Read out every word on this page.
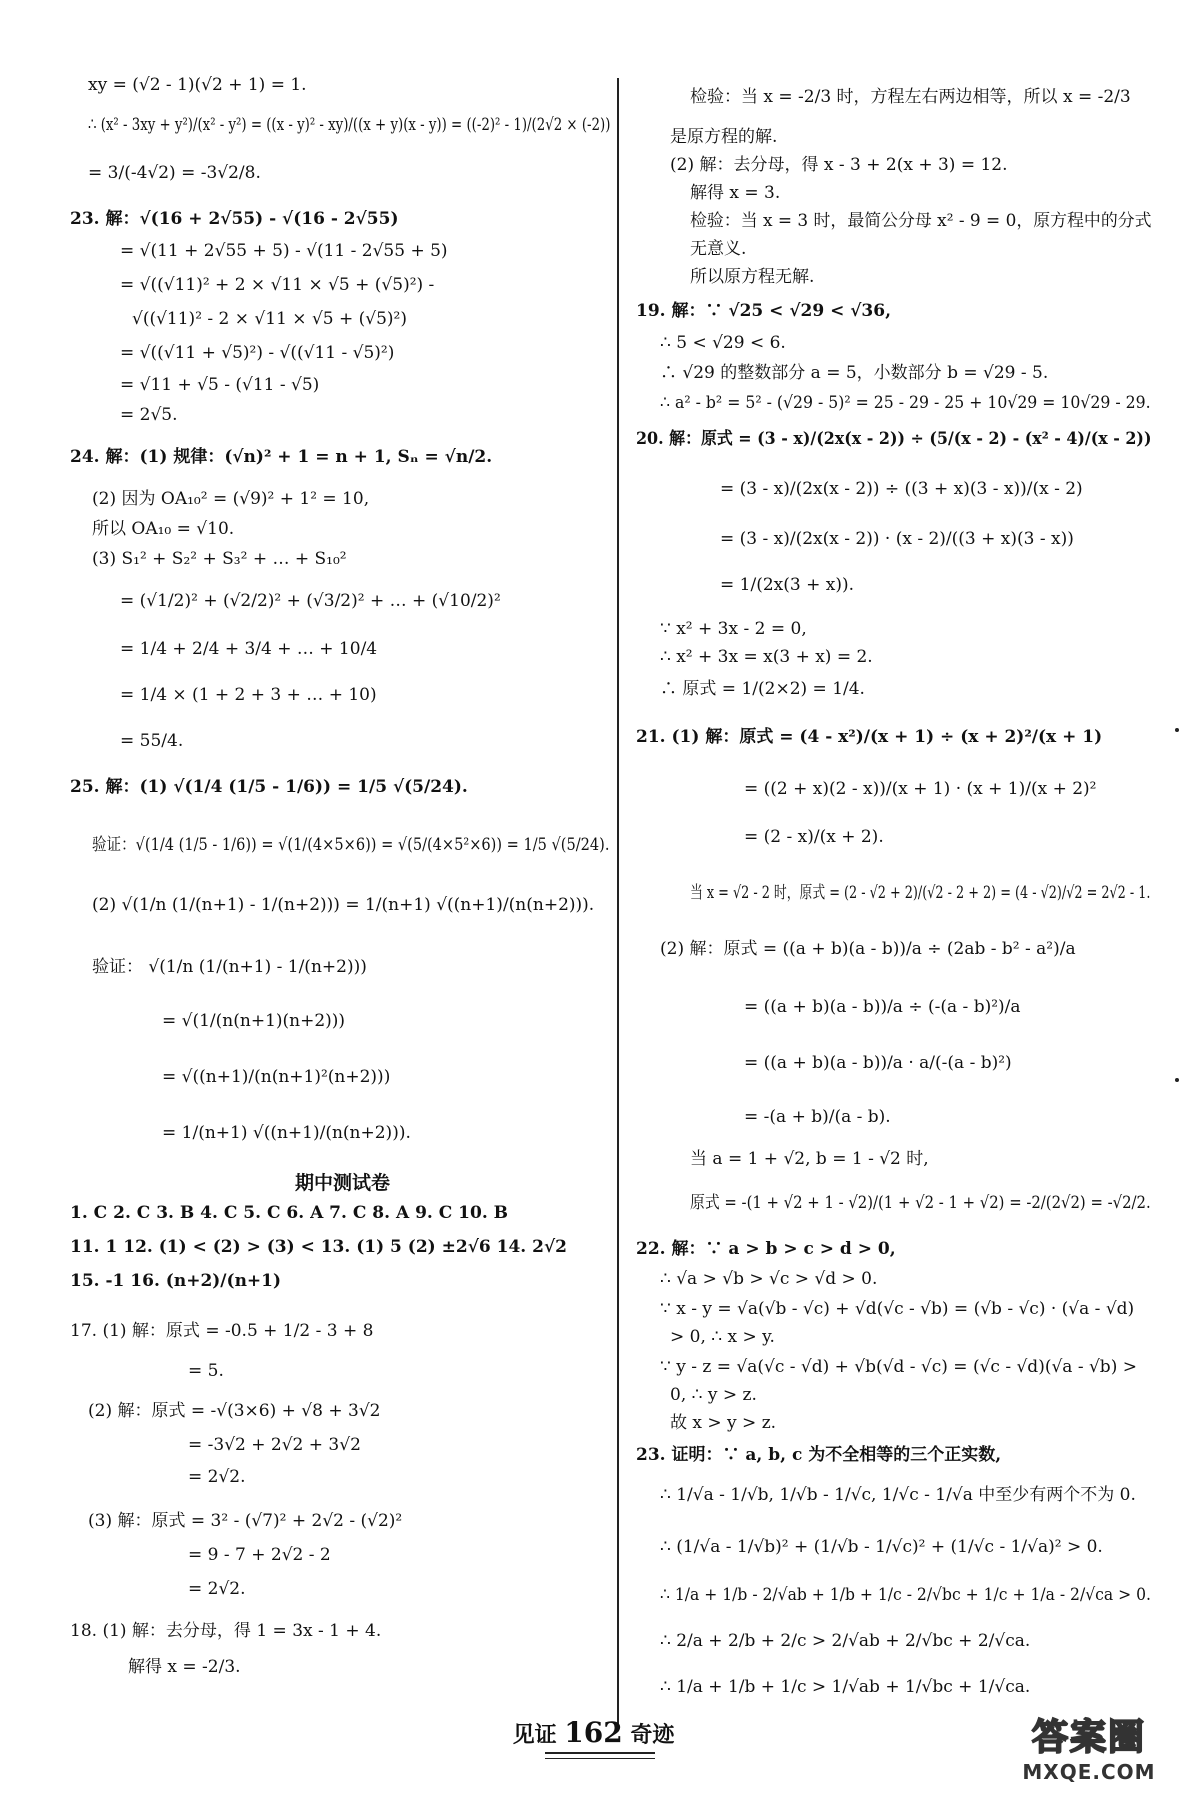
xy = (√2 - 1)(√2 + 1) = 1.
∴ (x² - 3xy + y²)/(x² - y²) = ((x - y)² - xy)/((x + y)(x - y)) = ((-2)² - 1)/(2√2 × (-2))
= 3/(-4√2) = -3√2/8.
23. 解：√(16 + 2√55) - √(16 - 2√55)
= √(11 + 2√55 + 5) - √(11 - 2√55 + 5)
= √((√11)² + 2 × √11 × √5 + (√5)²) -
√((√11)² - 2 × √11 × √5 + (√5)²)
= √((√11 + √5)²) - √((√11 - √5)²)
= √11 + √5 - (√11 - √5)
= 2√5.
24. 解：(1) 规律：(√n)² + 1 = n + 1, Sₙ = √n/2.
(2) 因为 OA₁₀² = (√9)² + 1² = 10,
所以 OA₁₀ = √10.
(3) S₁² + S₂² + S₃² + … + S₁₀²
= (√1/2)² + (√2/2)² + (√3/2)² + … + (√10/2)²
= 1/4 + 2/4 + 3/4 + … + 10/4
= 1/4 × (1 + 2 + 3 + … + 10)
= 55/4.
25. 解：(1) √(1/4 (1/5 - 1/6)) = 1/5 √(5/24).
验证：√(1/4 (1/5 - 1/6)) = √(1/(4×5×6)) = √(5/(4×5²×6)) = 1/5 √(5/24).
(2) √(1/n (1/(n+1) - 1/(n+2))) = 1/(n+1) √((n+1)/(n(n+2))).
验证： √(1/n (1/(n+1) - 1/(n+2)))
= √(1/(n(n+1)(n+2)))
= √((n+1)/(n(n+1)²(n+2)))
= 1/(n+1) √((n+1)/(n(n+2))).
期中测试卷
1. C 2. C 3. B 4. C 5. C 6. A 7. C 8. A 9. C 10. B
11. 1 12. (1) < (2) > (3) < 13. (1) 5 (2) ±2√6 14. 2√2
15. -1 16. (n+2)/(n+1)
17. (1) 解：原式 = -0.5 + 1/2 - 3 + 8
= 5.
(2) 解：原式 = -√(3×6) + √8 + 3√2
= -3√2 + 2√2 + 3√2
= 2√2.
(3) 解：原式 = 3² - (√7)² + 2√2 - (√2)²
= 9 - 7 + 2√2 - 2
= 2√2.
18. (1) 解：去分母，得 1 = 3x - 1 + 4.
解得 x = -2/3.
检验：当 x = -2/3 时，方程左右两边相等，所以 x = -2/3
是原方程的解.
(2) 解：去分母，得 x - 3 + 2(x + 3) = 12.
解得 x = 3.
检验：当 x = 3 时，最简公分母 x² - 9 = 0，原方程中的分式
无意义.
所以原方程无解.
19. 解：∵ √25 < √29 < √36,
∴ 5 < √29 < 6.
∴ √29 的整数部分 a = 5，小数部分 b = √29 - 5.
∴ a² - b² = 5² - (√29 - 5)² = 25 - 29 - 25 + 10√29 = 10√29 - 29.
20. 解：原式 = (3 - x)/(2x(x - 2)) ÷ (5/(x - 2) - (x² - 4)/(x - 2))
= (3 - x)/(2x(x - 2)) ÷ ((3 + x)(3 - x))/(x - 2)
= (3 - x)/(2x(x - 2)) · (x - 2)/((3 + x)(3 - x))
= 1/(2x(3 + x)).
∵ x² + 3x - 2 = 0,
∴ x² + 3x = x(3 + x) = 2.
∴ 原式 = 1/(2×2) = 1/4.
21. (1) 解：原式 = (4 - x²)/(x + 1) ÷ (x + 2)²/(x + 1)
= ((2 + x)(2 - x))/(x + 1) · (x + 1)/(x + 2)²
= (2 - x)/(x + 2).
当 x = √2 - 2 时，原式 = (2 - √2 + 2)/(√2 - 2 + 2) = (4 - √2)/√2 = 2√2 - 1.
(2) 解：原式 = ((a + b)(a - b))/a ÷ (2ab - b² - a²)/a
= ((a + b)(a - b))/a ÷ (-(a - b)²)/a
= ((a + b)(a - b))/a · a/(-(a - b)²)
= -(a + b)/(a - b).
当 a = 1 + √2, b = 1 - √2 时,
原式 = -(1 + √2 + 1 - √2)/(1 + √2 - 1 + √2) = -2/(2√2) = -√2/2.
22. 解：∵ a > b > c > d > 0,
∴ √a > √b > √c > √d > 0.
∵ x - y = √a(√b - √c) + √d(√c - √b) = (√b - √c) · (√a - √d)
> 0, ∴ x > y.
∵ y - z = √a(√c - √d) + √b(√d - √c) = (√c - √d)(√a - √b) >
0, ∴ y > z.
故 x > y > z.
23. 证明：∵ a, b, c 为不全相等的三个正实数,
∴ 1/√a - 1/√b, 1/√b - 1/√c, 1/√c - 1/√a 中至少有两个不为 0.
∴ (1/√a - 1/√b)² + (1/√b - 1/√c)² + (1/√c - 1/√a)² > 0.
∴ 1/a + 1/b - 2/√ab + 1/b + 1/c - 2/√bc + 1/c + 1/a - 2/√ca > 0.
∴ 2/a + 2/b + 2/c > 2/√ab + 2/√bc + 2/√ca.
∴ 1/a + 1/b + 1/c > 1/√ab + 1/√bc + 1/√ca.
见证 162 奇迹	答案圈
MXQE.COM
